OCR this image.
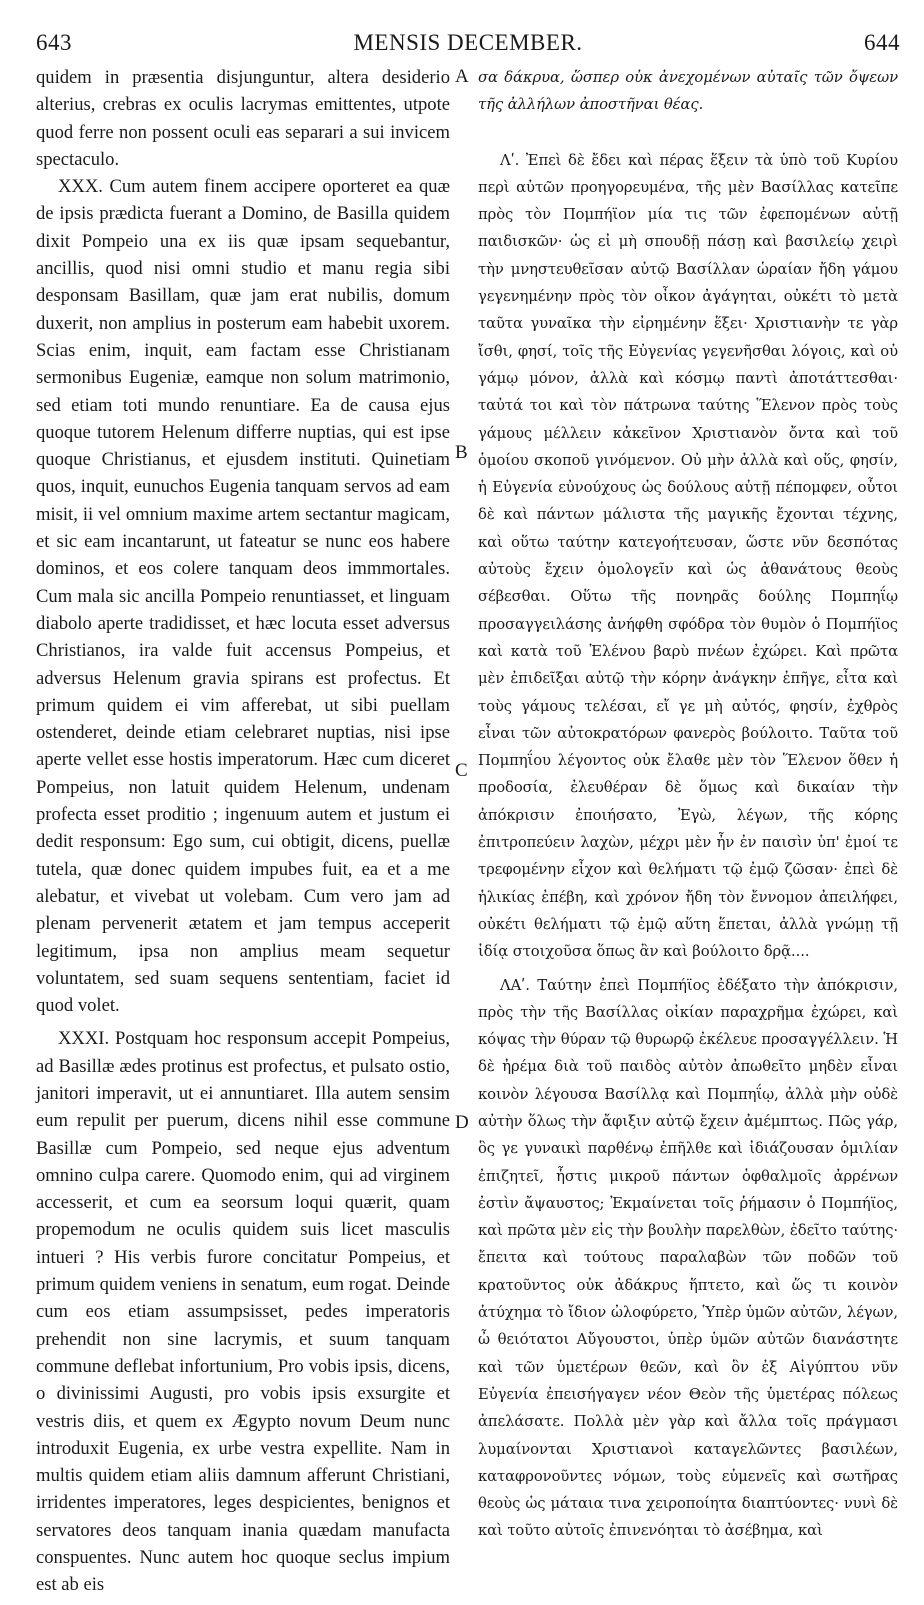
643	MENSIS DECEMBER.	644

quidem in præsentia disjunguntur, altera desiderio alterius, crebras ex oculis lacrymas emittentes, utpote quod ferre non possent oculi eas separari a sui invicem spectaculo.

XXX. Cum autem finem accipere oporteret ea quæ de ipsis prædicta fuerant a Domino, de Basilla quidem dixit Pompeio una ex iis quæ ipsam sequebantur, ancillis, quod nisi omni studio et manu regia sibi desponsam Basillam, quæ jam erat nubilis, domum duxerit, non amplius in posterum eam habebit uxorem. Scias enim, inquit, eam factam esse Christianam sermonibus Eugeniæ, eamque non solum matrimonio, sed etiam toti mundo renuntiare. Ea de causa ejus quoque tutorem Helenum differre nuptias, qui est ipse quoque Christianus, et ejusdem instituti. Quinetiam quos, inquit, eunuchos Eugenia tanquam servos ad eam misit, ii vel omnium maxime artem sectantur magicam, et sic eam incantarunt, ut fateatur se nunc eos habere dominos, et eos colere tanquam deos immmortales. Cum mala sic ancilla Pompeio renuntiasset, et linguam diabolo aperte tradidisset, et hæc locuta esset adversus Christianos, ira valde fuit accensus Pompeius, et adversus Helenum gravia spirans est profectus. Et primum quidem ei vim afferebat, ut sibi puellam ostenderet, deinde etiam celebraret nuptias, nisi ipse aperte vellet esse hostis imperatorum. Hæc cum diceret Pompeius, non latuit quidem Helenum, undenam profecta esset proditio ; ingenuum autem et justum ei dedit responsum: Ego sum, cui obtigit, dicens, puellæ tutela, quæ donec quidem impubes fuit, ea et a me alebatur, et vivebat ut volebam. Cum vero jam ad plenam pervenerit ætatem et jam tempus acceperit legitimum, ipsa non amplius meam sequetur voluntatem, sed suam sequens sententiam, faciet id quod volet.

XXXI. Postquam hoc responsum accepit Pompeius, ad Basillæ ædes protinus est profectus, et pulsato ostio, janitori imperavit, ut ei annuntiaret. Illa autem sensim eum repulit per puerum, dicens nihil esse commune Basillæ cum Pompeio, sed neque ejus adventum omnino culpa carere. Quomodo enim, qui ad virginem accesserit, et cum ea seorsum loqui quærit, quam propemodum ne oculis quidem suis licet masculis intueri ? His verbis furore concitatur Pompeius, et primum quidem veniens in senatum, eum rogat. Deinde cum eos etiam assumpsisset, pedes imperatoris prehendit non sine lacrymis, et suum tanquam commune deflebat infortunium, Pro vobis ipsis, dicens, o divinissimi Augusti, pro vobis ipsis exsurgite et vestris diis, et quem ex Ægypto novum Deum nunc introduxit Eugenia, ex urbe vestra expellite. Nam in multis quidem etiam aliis damnum afferunt Christiani, irridentes imperatores, leges despicientes, benignos et servatores deos tanquam inania quædam manufacta conspuentes. Nunc autem hoc quoque seclus impium est ab eis

σα δάκρυα, ὥσπερ οὐκ ἀνεχομένων αὐταῖς τῶν ὄψεων τῆς ἀλλήλων ἀποστῆναι θέας.

Λʹ. Ἐπεὶ δὲ ἔδει καὶ πέρας ἕξειν τὰ ὑπὸ τοῦ Κυρίου περὶ αὐτῶν προηγορευμένα, τῆς μὲν Βασίλλας κατεῖπε πρὸς τὸν Πομπήϊον μία τις τῶν ἐφεπομένων αὐτῇ παιδισκῶν· ὡς εἰ μὴ σπουδῇ πάσῃ καὶ βασιλείῳ χειρὶ τὴν μνηστευθεῖσαν αὐτῷ Βασίλλαν ὡραίαν ἤδη γάμου γεγενημένην πρὸς τὸν οἶκον ἀγάγηται, οὐκέτι τὸ μετὰ ταῦτα γυναῖκα τὴν εἰρημένην ἕξει· Χριστιανὴν τε γὰρ ἴσθι, φησί, τοῖς τῆς Εὐγενίας γεγενῆσθαι λόγοις, καὶ οὐ γάμῳ μόνον, ἀλλὰ καὶ κόσμῳ παντὶ ἀποτάττεσθαι· ταὐτά τοι καὶ τὸν πάτρωνα ταύτης Ἕλενον πρὸς τοὺς γάμους μέλλειν κἀκεῖνον Χριστιανὸν ὄντα καὶ τοῦ ὁμοίου σκοποῦ γινόμενον. Οὐ μὴν ἀλλὰ καὶ οὕς, φησίν, ἡ Εὐγενία εὐνούχους ὡς δούλους αὐτῇ πέπομφεν, οὗτοι δὲ καὶ πάντων μάλιστα τῆς μαγικῆς ἔχονται τέχνης, καὶ οὕτω ταύτην κατεγοήτευσαν, ὥστε νῦν δεσπότας αὐτοὺς ἔχειν ὁμολογεῖν καὶ ὡς ἀθανάτους θεοὺς σέβεσθαι. Οὕτω τῆς πονηρᾶς δούλης Πομπηΐῳ προσαγγειλάσης ἀνήφθη σφόδρα τὸν θυμὸν ὁ Πομπήϊος καὶ κατὰ τοῦ Ἑλένου βαρὺ πνέων ἐχώρει. Καὶ πρῶτα μὲν ἐπιδεῖξαι αὐτῷ τὴν κόρην ἀνάγκην ἐπῆγε, εἶτα καὶ τοὺς γάμους τελέσαι, εἴ γε μὴ αὐτός, φησίν, ἐχθρὸς εἶναι τῶν αὐτοκρατόρων φανερὸς βούλοιτο. Ταῦτα τοῦ Πομπηΐου λέγοντος οὐκ ἔλαθε μὲν τὸν Ἕλενον ὅθεν ἡ προδοσία, ἐλευθέραν δὲ ὅμως καὶ δικαίαν τὴν ἀπόκρισιν ἐποιήσατο, Ἐγὼ, λέγων, τῆς κόρης ἐπιτροπεύειν λαχὼν, μέχρι μὲν ἦν ἐν παισὶν ὑπ' ἐμοί τε τρεφομένην εἶχον καὶ θελήματι τῷ ἐμῷ ζῶσαν· ἐπεὶ δὲ ἡλικίας ἐπέβη, καὶ χρόνον ἤδη τὸν ἔννομον ἀπειλήφει, οὐκέτι θελήματι τῷ ἐμῷ αὕτη ἕπεται, ἀλλὰ γνώμῃ τῇ ἰδίᾳ στοιχοῦσα ὅπως ἂν καὶ βούλοιτο δρᾷ....

ΛΑʹ. Ταύτην ἐπεὶ Πομπήϊος ἐδέξατο τὴν ἀπόκρισιν, πρὸς τὴν τῆς Βασίλλας οἰκίαν παραχρῆμα ἐχώρει, καὶ κόψας τὴν θύραν τῷ θυρωρῷ ἐκέλευε προσαγγέλλειν. Ἡ δὲ ἠρέμα διὰ τοῦ παιδὸς αὐτὸν ἀπωθεῖτο μηδὲν εἶναι κοινὸν λέγουσα Βασίλλᾳ καὶ Πομπηΐῳ, ἀλλὰ μὴν οὐδὲ αὐτὴν ὅλως τὴν ἄφιξιν αὐτῷ ἔχειν ἀμέμπτως. Πῶς γάρ, ὃς γε γυναικὶ παρθένῳ ἐπῆλθε καὶ ἰδιάζουσαν ὁμιλίαν ἐπιζητεῖ, ἧστις μικροῦ πάντων ὀφθαλμοῖς ἀρρένων ἐστὶν ἄψαυστος; Ἐκμαίνεται τοῖς ῥήμασιν ὁ Πομπήϊος, καὶ πρῶτα μὲν εἰς τὴν βουλὴν παρελθὼν, ἐδεῖτο ταύτης· ἔπειτα καὶ τούτους παραλαβὼν τῶν ποδῶν τοῦ κρατοῦντος οὐκ ἀδάκρυς ἥπτετο, καὶ ὥς τι κοινὸν ἀτύχημα τὸ ἴδιον ὠλοφύρετο, Ὑπὲρ ὑμῶν αὐτῶν, λέγων, ὦ θειότατοι Αὔγουστοι, ὑπὲρ ὑμῶν αὐτῶν διανάστητε καὶ τῶν ὑμετέρων θεῶν, καὶ ὃν ἐξ Αἰγύπτου νῦν Εὐγενία ἐπεισήγαγεν νέον Θεὸν τῆς ὑμετέρας πόλεως ἀπελάσατε. Πολλὰ μὲν γὰρ καὶ ἄλλα τοῖς πράγμασι λυμαίνονται Χριστιανοὶ καταγελῶντες βασιλέων, καταφρονοῦντες νόμων, τοὺς εὐμενεῖς καὶ σωτῆρας θεοὺς ὡς μάταια τινα χειροποίητα διαπτύοντες· νυνὶ δὲ καὶ τοῦτο αὐτοῖς ἐπινενόηται τὸ ἀσέβημα, καὶ

A
B
C
D
